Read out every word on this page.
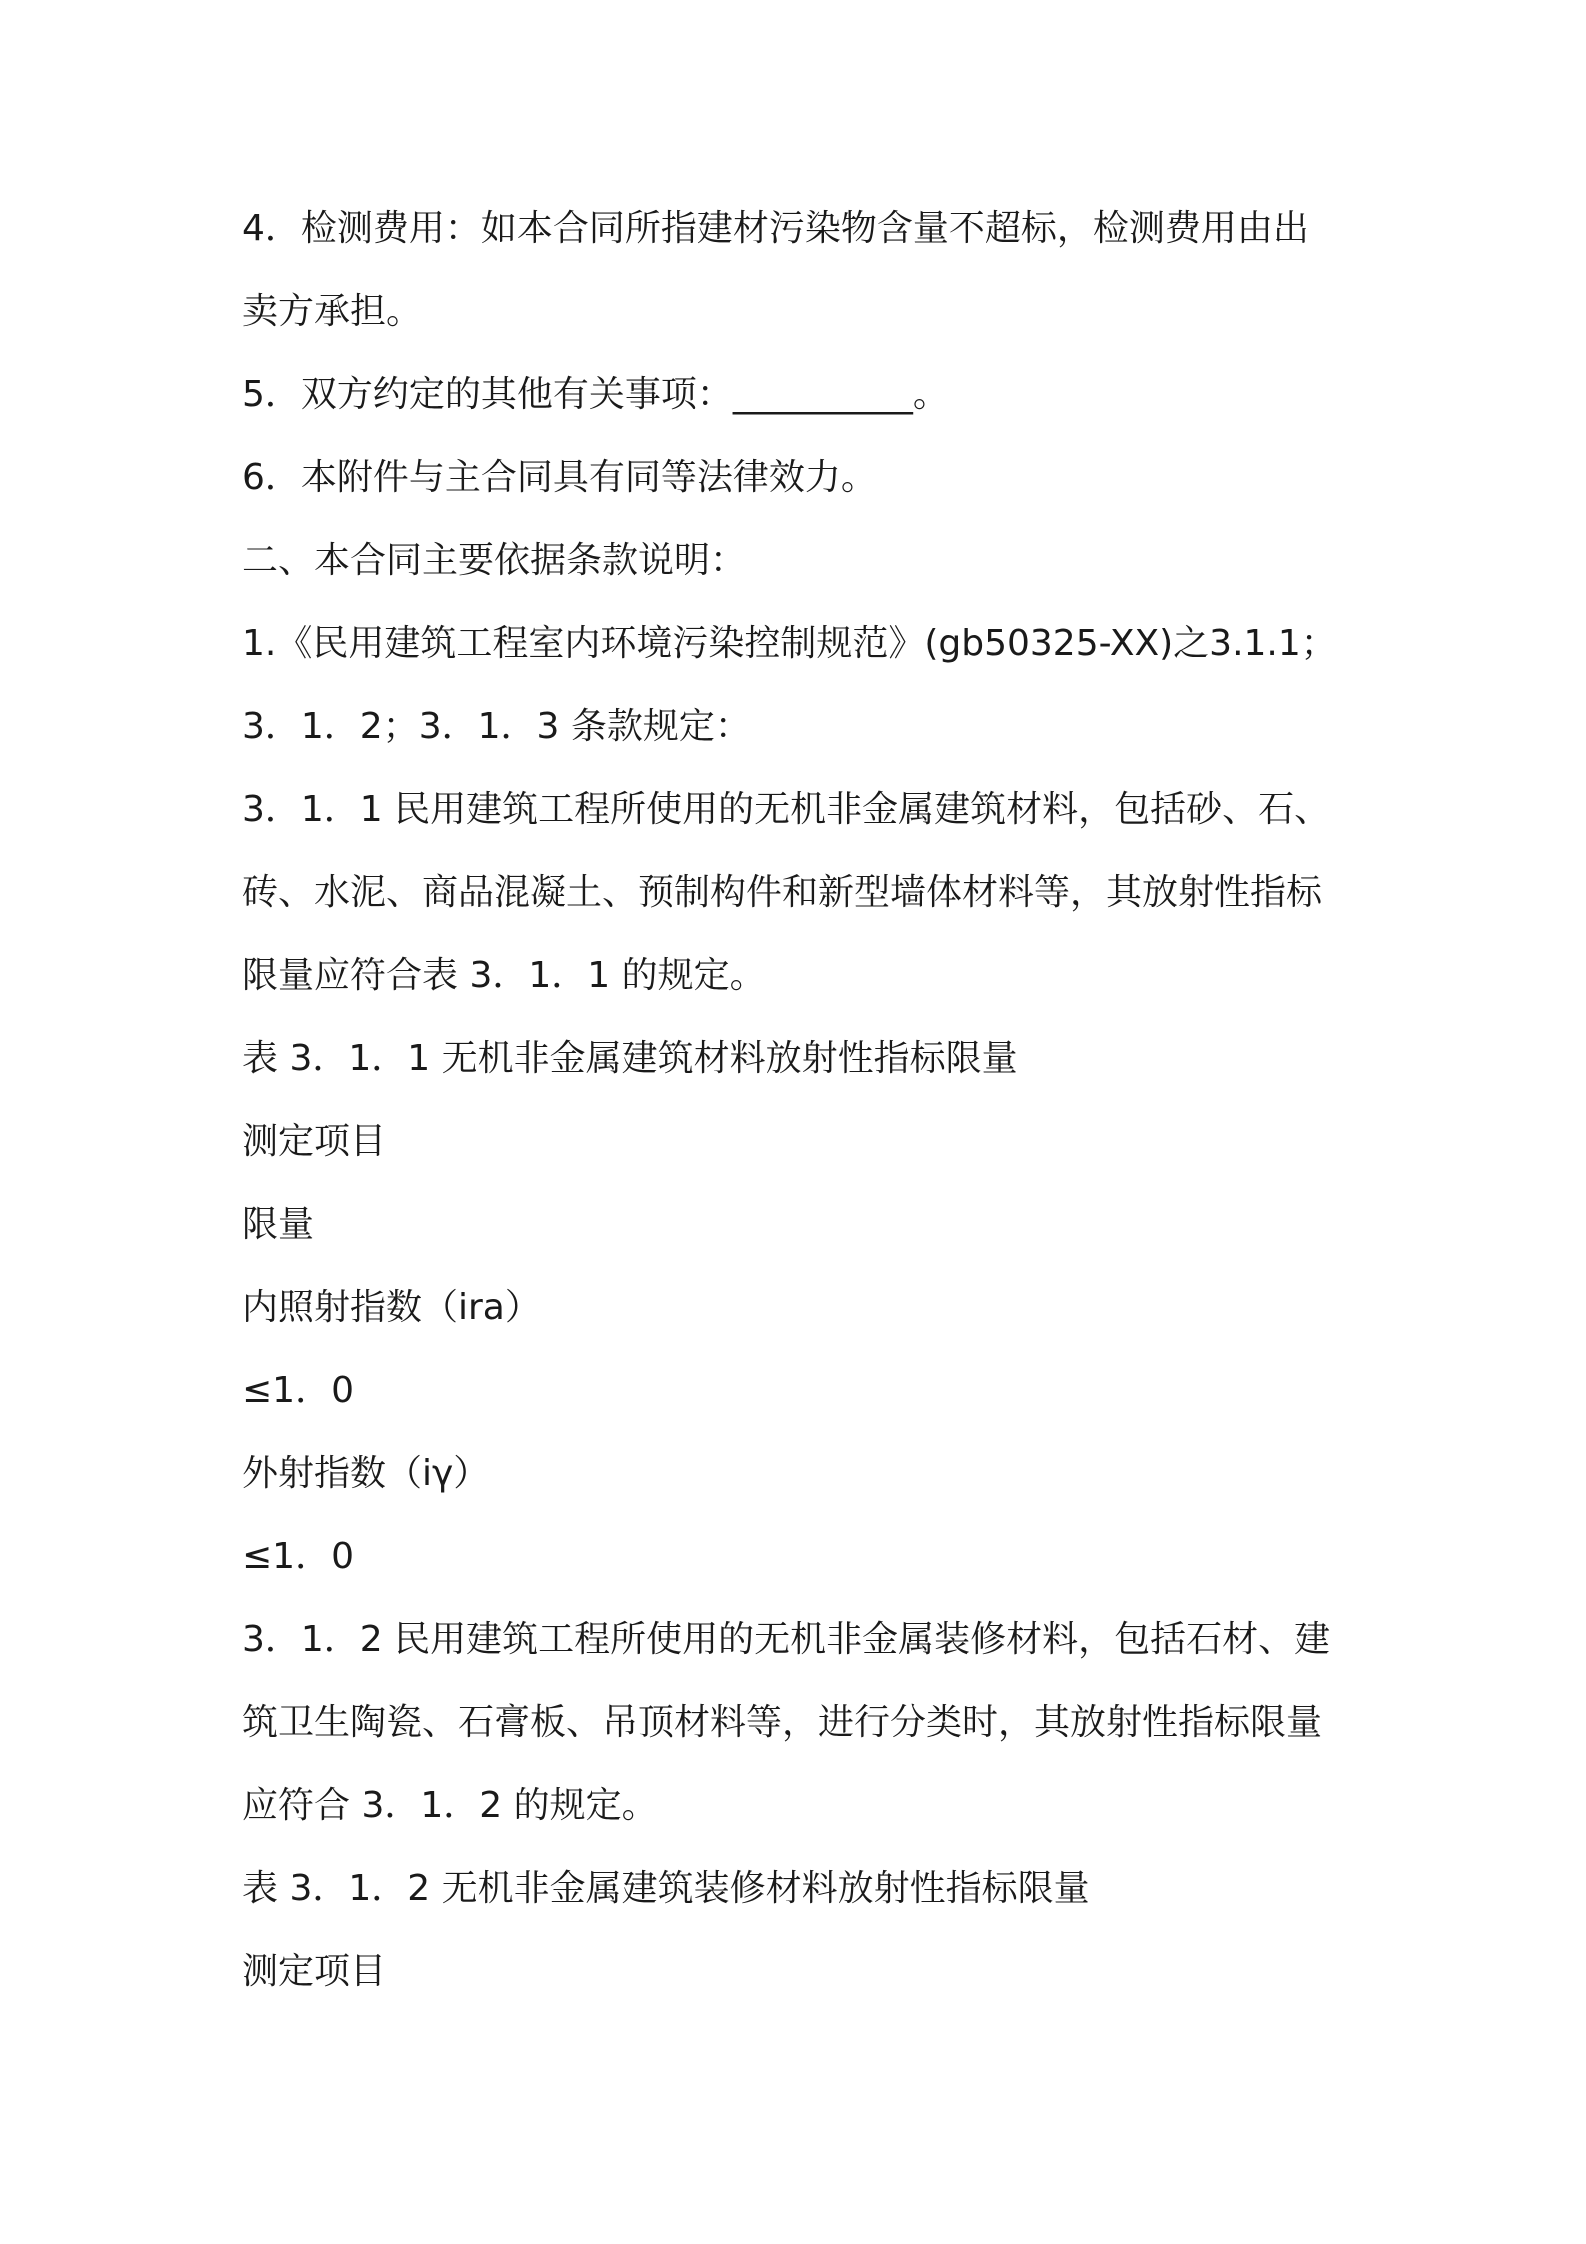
4．检测费用：如本合同所指建材污染物含量不超标，检测费用由出
卖方承担。
5．双方约定的其他有关事项：__________。
6．本附件与主合同具有同等法律效力。
二、本合同主要依据条款说明：
1.《民用建筑工程室内环境污染控制规范》(gb50325-XX)之3.1.1；
3．1．2；3．1．3 条款规定：
3．1．1 民用建筑工程所使用的无机非金属建筑材料，包括砂、石、
砖、水泥、商品混凝土、预制构件和新型墙体材料等，其放射性指标
限量应符合表 3．1．1 的规定。
表 3．1．1 无机非金属建筑材料放射性指标限量
测定项目
限量
内照射指数（ira）
≤1．0
外射指数（iγ）
≤1．0
3．1．2 民用建筑工程所使用的无机非金属装修材料，包括石材、建
筑卫生陶瓷、石膏板、吊顶材料等，进行分类时，其放射性指标限量
应符合 3．1．2 的规定。
表 3．1．2 无机非金属建筑装修材料放射性指标限量
测定项目
